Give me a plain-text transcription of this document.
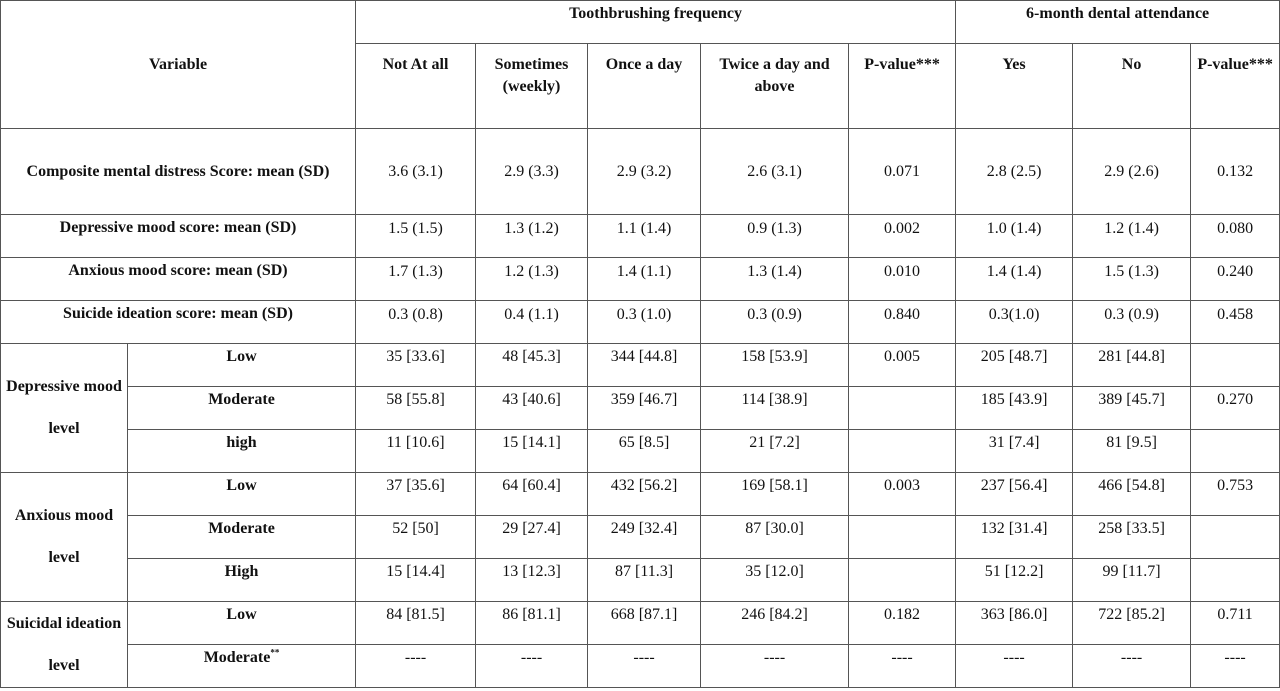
Variable		Toothbrushing frequency					6-month dental attendance		
		Not At all	Sometimes (weekly)	Once a day	Twice a day and above	P-value***	Yes	No	P-value***
Composite mental distress Score: mean (SD)		3.6 (3.1)	2.9 (3.3)	2.9 (3.2)	2.6 (3.1)	0.071	2.8 (2.5)	2.9 (2.6)	0.132
Depressive mood score: mean (SD)		1.5 (1.5)	1.3 (1.2)	1.1 (1.4)	0.9 (1.3)	0.002	1.0 (1.4)	1.2 (1.4)	0.080
Anxious mood score: mean (SD)		1.7 (1.3)	1.2 (1.3)	1.4 (1.1)	1.3 (1.4)	0.010	1.4 (1.4)	1.5 (1.3)	0.240
Suicide ideation score: mean (SD)		0.3 (0.8)	0.4 (1.1)	0.3 (1.0)	0.3 (0.9)	0.840	0.3(1.0)	0.3 (0.9)	0.458
Depressive mood level	Low	35 [33.6]	48 [45.3]	344 [44.8]	158 [53.9]	0.005	205 [48.7]	281 [44.8]	
	Moderate	58 [55.8]	43 [40.6]	359 [46.7]	114 [38.9]		185 [43.9]	389 [45.7]	0.270
	high	11 [10.6]	15 [14.1]	65 [8.5]	21 [7.2]		31 [7.4]	81 [9.5]	
Anxious mood level	Low	37 [35.6]	64 [60.4]	432 [56.2]	169 [58.1]	0.003	237 [56.4]	466 [54.8]	0.753
	Moderate	52 [50]	29 [27.4]	249 [32.4]	87 [30.0]		132 [31.4]	258 [33.5]	
	High	15 [14.4]	13 [12.3]	87 [11.3]	35 [12.0]		51 [12.2]	99 [11.7]	
Suicidal ideation level	Low	84 [81.5]	86 [81.1]	668 [87.1]	246 [84.2]	0.182	363 [86.0]	722 [85.2]	0.711
	Moderate**	----	----	----	----	----	----	----	----
